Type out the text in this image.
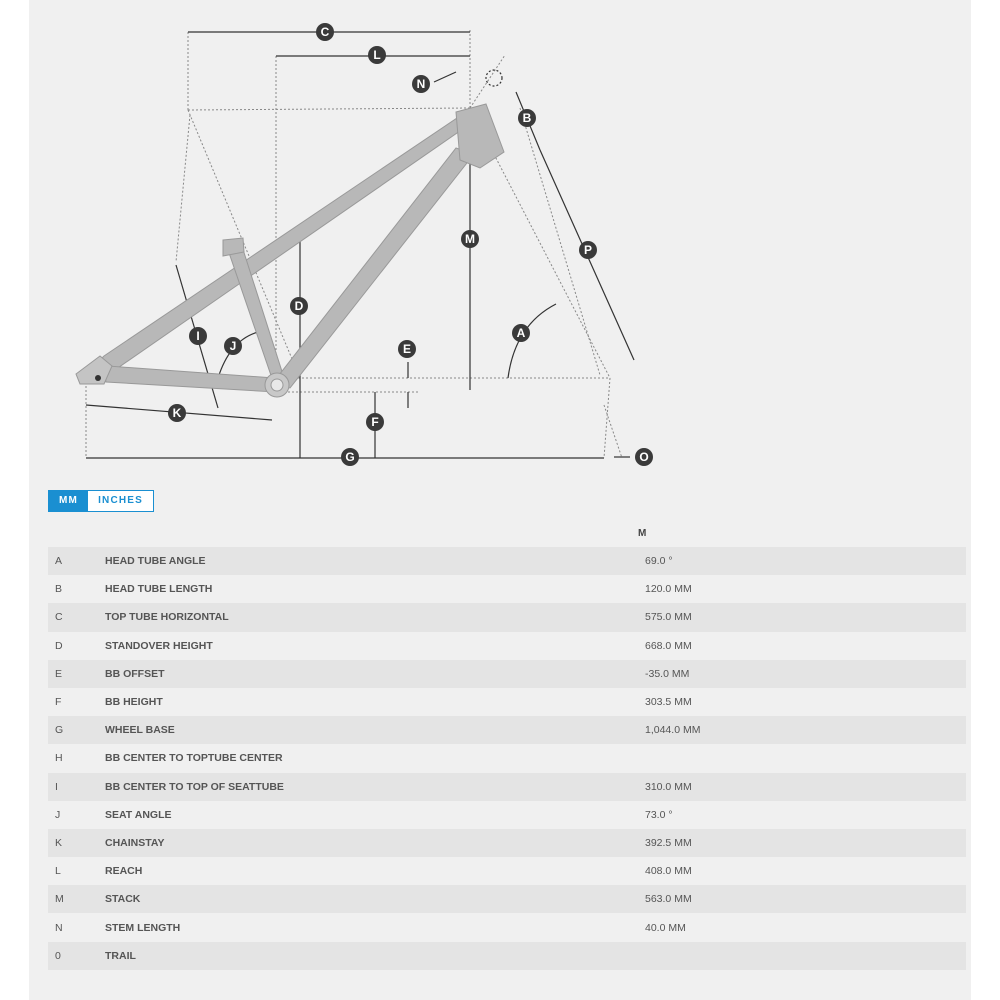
C
L
N
B
P
M
D
I
J	E
A
F
K
G	O
MM	INCHES
M
A	HEAD TUBE ANGLE	69.0 °
B	HEAD TUBE LENGTH	120.0 MM
C	TOP TUBE HORIZONTAL	575.0 MM
D	STANDOVER HEIGHT	668.0 MM
E	BB OFFSET	-35.0 MM
F	BB HEIGHT	303.5 MM
G	WHEEL BASE	1,044.0 MM
H	BB CENTER TO TOPTUBE CENTER	
I	BB CENTER TO TOP OF SEATTUBE	310.0 MM
J	SEAT ANGLE	73.0 °
K	CHAINSTAY	392.5 MM
L	REACH	408.0 MM
M	STACK	563.0 MM
N	STEM LENGTH	40.0 MM
0	TRAIL	
